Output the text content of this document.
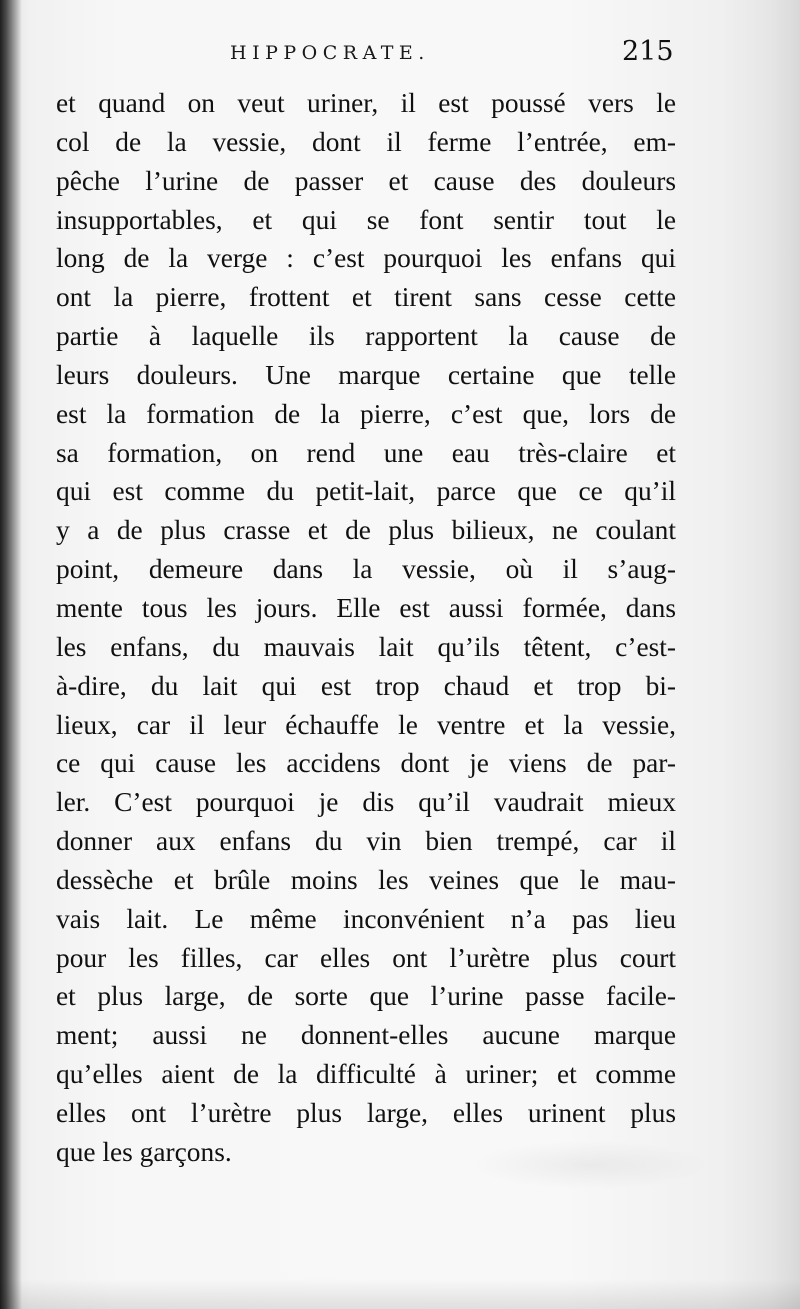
HIPPOCRATE.	215
et quand on veut uriner, il est poussé vers le
col de la vessie, dont il ferme l’entrée, em-
pêche l’urine de passer et cause des douleurs
insupportables, et qui se font sentir tout le
long de la verge : c’est pourquoi les enfans qui
ont la pierre, frottent et tirent sans cesse cette
partie à laquelle ils rapportent la cause de
leurs douleurs. Une marque certaine que telle
est la formation de la pierre, c’est que, lors de
sa formation, on rend une eau très-claire et
qui est comme du petit-lait, parce que ce qu’il
y a de plus crasse et de plus bilieux, ne coulant
point, demeure dans la vessie, où il s’aug-
mente tous les jours. Elle est aussi formée, dans
les enfans, du mauvais lait qu’ils têtent, c’est-
à-dire, du lait qui est trop chaud et trop bi-
lieux, car il leur échauffe le ventre et la vessie,
ce qui cause les accidens dont je viens de par-
ler. C’est pourquoi je dis qu’il vaudrait mieux
donner aux enfans du vin bien trempé, car il
dessèche et brûle moins les veines que le mau-
vais lait. Le même inconvénient n’a pas lieu
pour les filles, car elles ont l’urètre plus court
et plus large, de sorte que l’urine passe facile-
ment; aussi ne donnent-elles aucune marque
qu’elles aient de la difficulté à uriner; et comme
elles ont l’urètre plus large, elles urinent plus
que les garçons.
